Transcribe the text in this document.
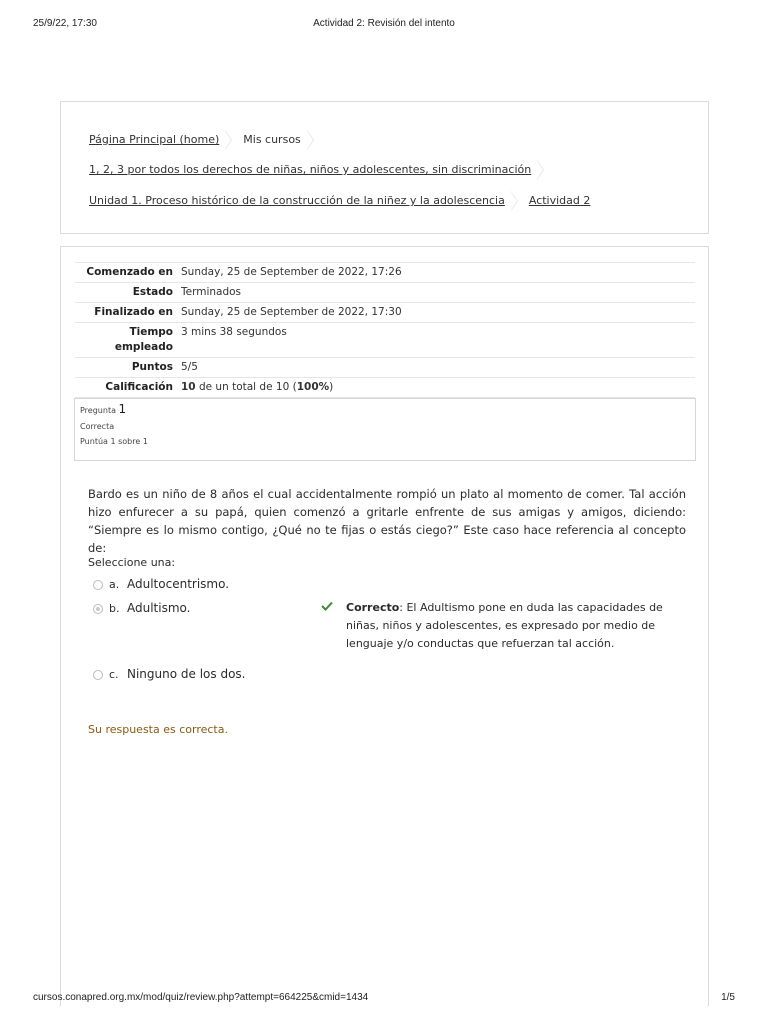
25/9/22, 17:30	Actividad 2: Revisión del intento
Página Principal (home) Mis cursos
1, 2, 3 por todos los derechos de niñas, niños y adolescentes, sin discriminación
Unidad 1. Proceso histórico de la construcción de la niñez y la adolescencia Actividad 2
Comenzado en	Sunday, 25 de September de 2022, 17:26
Estado	Terminados
Finalizado en	Sunday, 25 de September de 2022, 17:30
Tiempo
empleado	3 mins 38 segundos
Puntos	5/5
Calificación	10 de un total de 10 (100%)
Pregunta 1
Correcta
Puntúa 1 sobre 1
Bardo es un niño de 8 años el cual accidentalmente rompió un plato al momento de comer. Tal acción hizo enfurecer a su papá, quien comenzó a gritarle enfrente de sus amigas y amigos, diciendo: “Siempre es lo mismo contigo, ¿Qué no te fijas o estás ciego?” Este caso hace referencia al concepto de:
Seleccione una:
a. Adultocentrismo.
b. Adultismo.	Correcto: El Adultismo pone en duda las capacidades de niñas, niños y adolescentes, es expresado por medio de lenguaje y/o conductas que refuerzan tal acción.
c. Ninguno de los dos.
Su respuesta es correcta.
cursos.conapred.org.mx/mod/quiz/review.php?attempt=664225&cmid=1434	1/5
